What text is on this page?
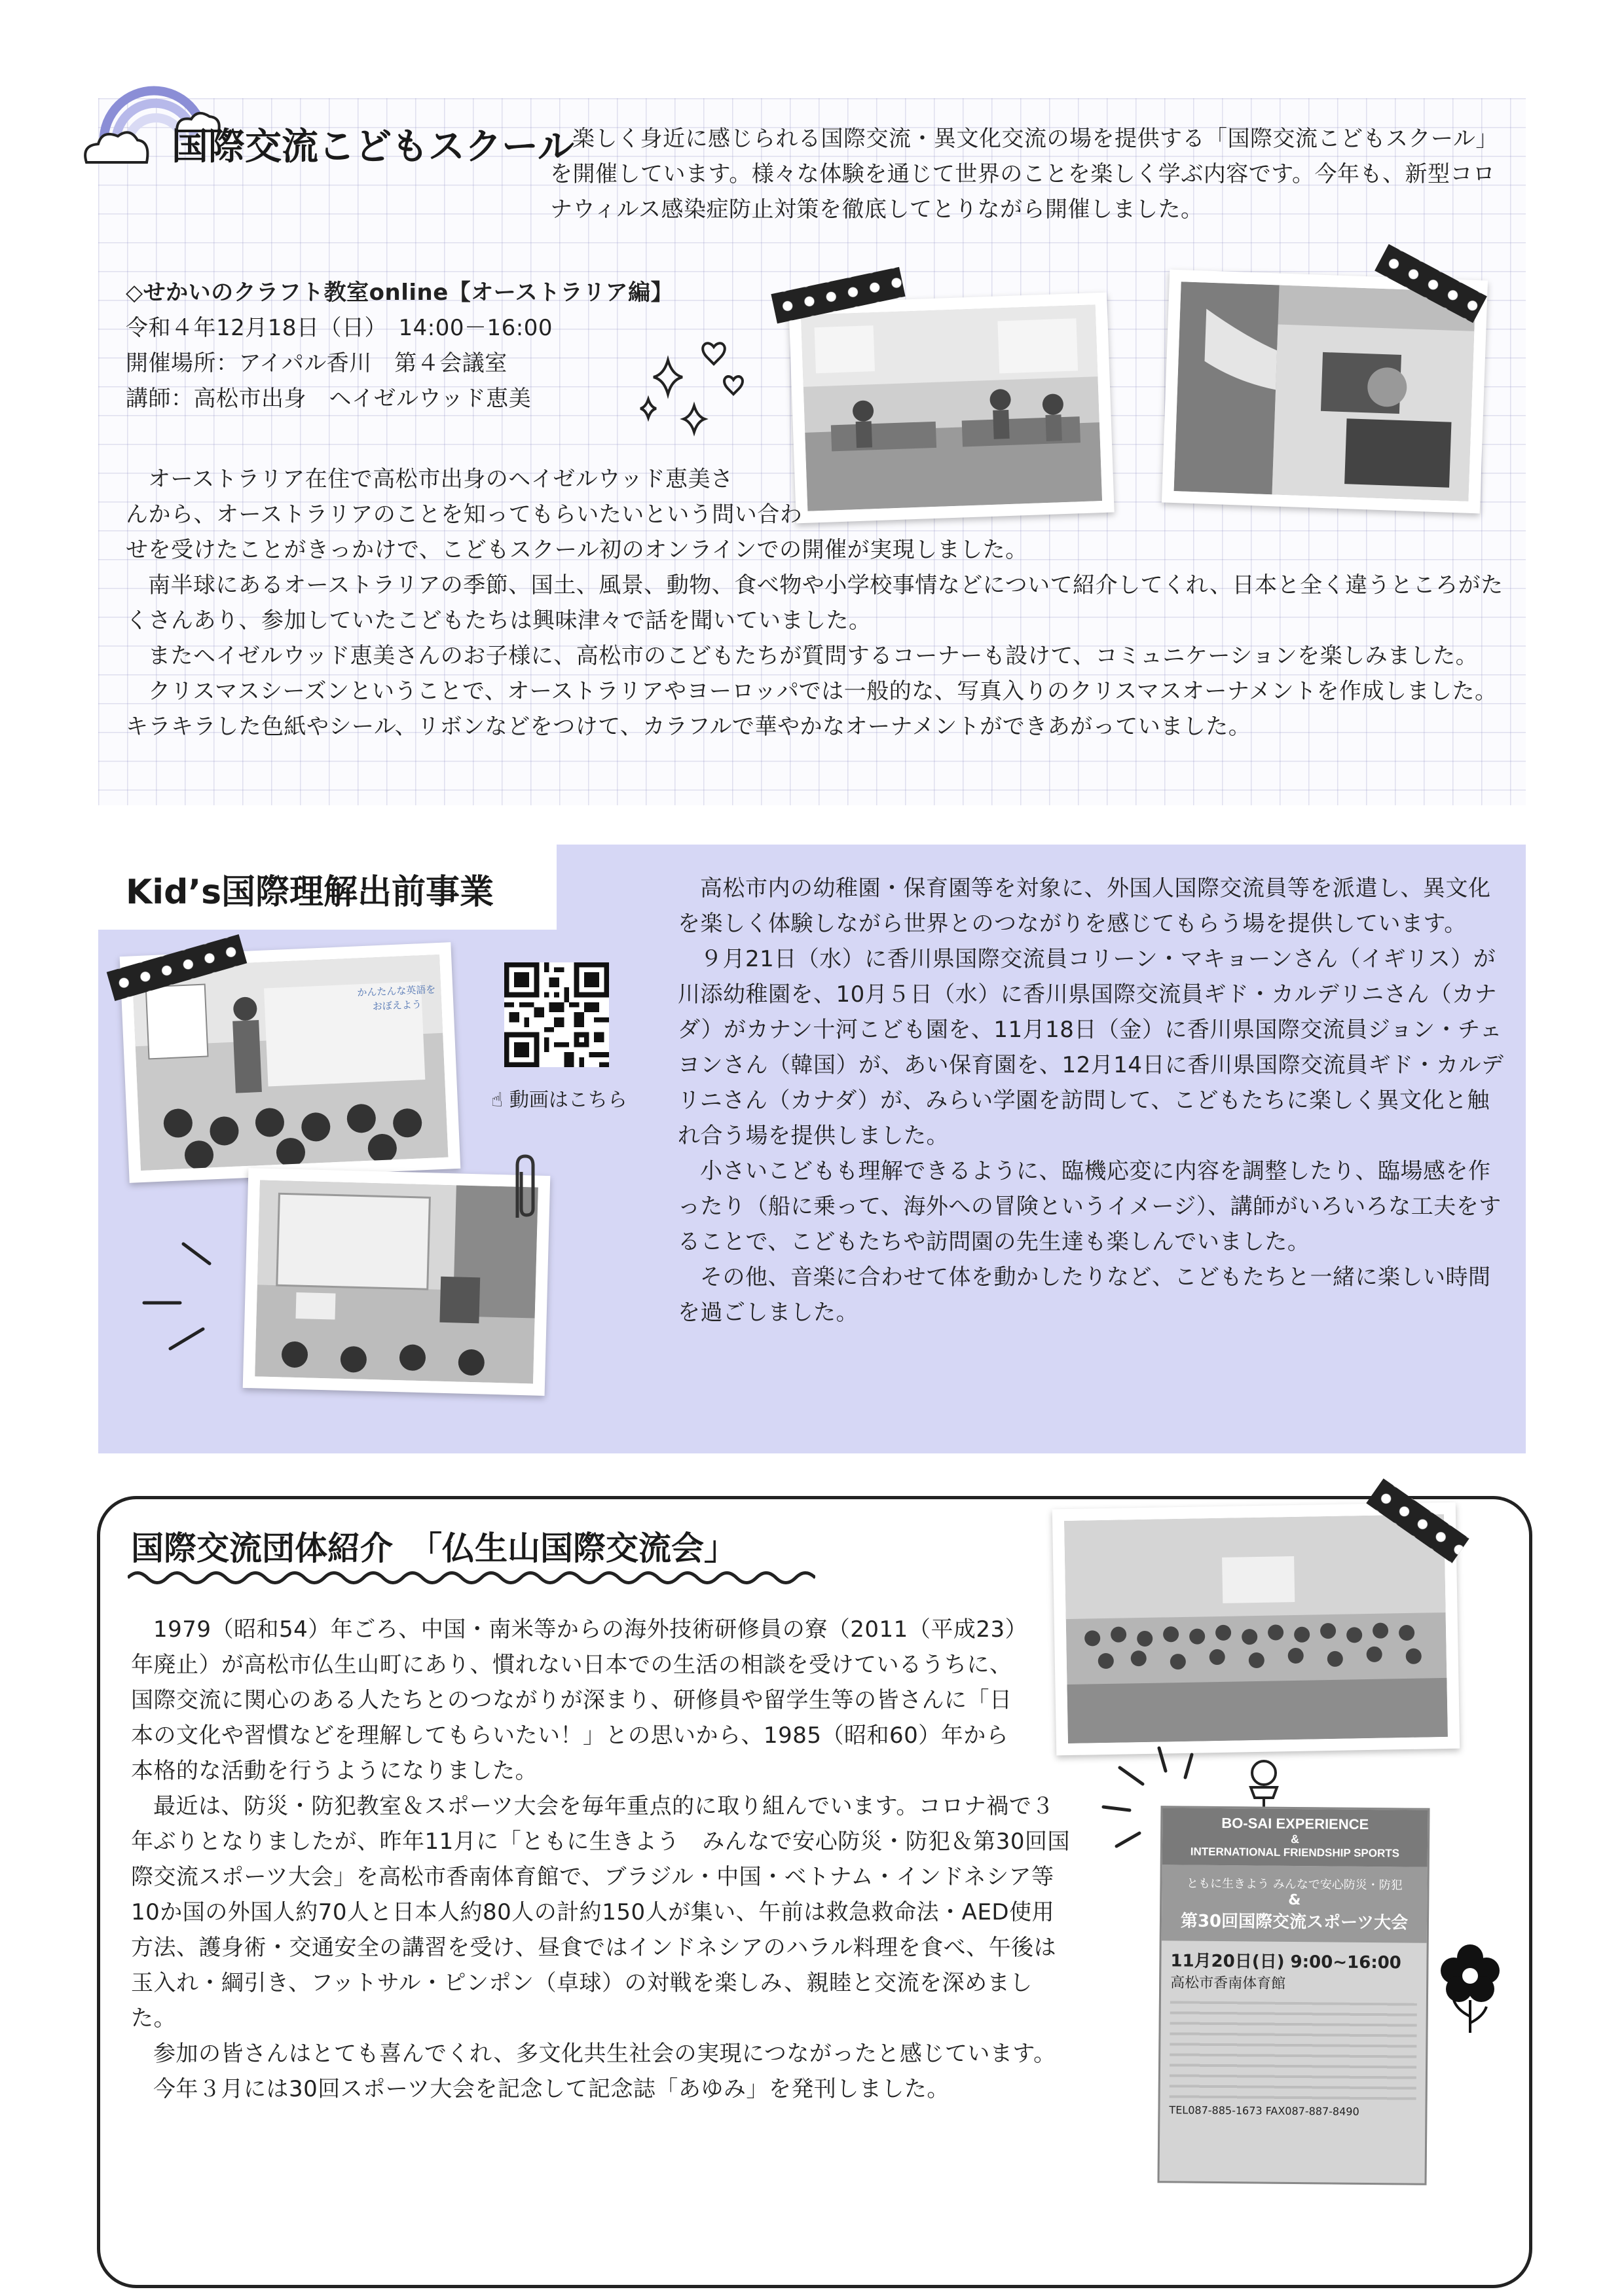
国際交流こどもスクール

楽しく身近に感じられる国際交流・異文化交流の場を提供する「国際交流こどもスクール」を開催しています。様々な体験を通じて世界のことを楽しく学ぶ内容です。今年も、新型コロナウィルス感染症防止対策を徹底してとりながら開催しました。

◇せかいのクラフト教室online【オーストラリア編】

令和４年12月18日（日）　14:00－16:00

開催場所：アイパル香川　第４会議室

講師：高松市出身　ヘイゼルウッド恵美

オーストラリア在住で高松市出身のヘイゼルウッド恵美さ

んから、オーストラリアのことを知ってもらいたいという問い合わ

せを受けたことがきっかけで、こどもスクール初のオンラインでの開催が実現しました。

南半球にあるオーストラリアの季節、国土、風景、動物、食べ物や小学校事情などについて紹介してくれ、日本と全く違うところがたくさんあり、参加していたこどもたちは興味津々で話を聞いていました。

またヘイゼルウッド恵美さんのお子様に、高松市のこどもたちが質問するコーナーも設けて、コミュニケーションを楽しみました。

クリスマスシーズンということで、オーストラリアやヨーロッパでは一般的な、写真入りのクリスマスオーナメントを作成しました。キラキラした色紙やシール、リボンなどをつけて、カラフルで華やかなオーナメントができあがっていました。

Kid’s国際理解出前事業
かんたんな英語を
おぼえよう
☝ 動画はこちら

高松市内の幼稚園・保育園等を対象に、外国人国際交流員等を派遣し、異文化を楽しく体験しながら世界とのつながりを感じてもらう場を提供しています。

９月21日（水）に香川県国際交流員コリーン・マキョーンさん（イギリス）が川添幼稚園を、10月５日（水）に香川県国際交流員ギド・カルデリニさん（カナダ）がカナン十河こども園を、11月18日（金）に香川県国際交流員ジョン・チェヨンさん（韓国）が、あい保育園を、12月14日に香川県国際交流員ギド・カルデリニさん（カナダ）が、みらい学園を訪問して、こどもたちに楽しく異文化と触れ合う場を提供しました。

小さいこどもも理解できるように、臨機応変に内容を調整したり、臨場感を作ったり（船に乗って、海外への冒険というイメージ）、講師がいろいろな工夫をすることで、こどもたちや訪問園の先生達も楽しんでいました。

その他、音楽に合わせて体を動かしたりなど、こどもたちと一緒に楽しい時間を過ごしました。

国際交流団体紹介　「仏生山国際交流会」

1979（昭和54）年ごろ、中国・南米等からの海外技術研修員の寮（2011（平成23）年廃止）が高松市仏生山町にあり、慣れない日本での生活の相談を受けているうちに、国際交流に関心のある人たちとのつながりが深まり、研修員や留学生等の皆さんに「日本の文化や習慣などを理解してもらいたい！」との思いから、1985（昭和60）年から本格的な活動を行うようになりました。

最近は、防災・防犯教室＆スポーツ大会を毎年重点的に取り組んでいます。コロナ禍で３年ぶりとなりましたが、昨年11月に「ともに生きよう　みんなで安心防災・防犯＆第30回国際交流スポーツ大会」を高松市香南体育館で、ブラジル・中国・ベトナム・インドネシア等10か国の外国人約70人と日本人約80人の計約150人が集い、午前は救急救命法・AED使用方法、護身術・交通安全の講習を受け、昼食ではインドネシアのハラル料理を食べ、午後は玉入れ・綱引き、フットサル・ピンポン（卓球）の対戦を楽しみ、親睦と交流を深めました。

参加の皆さんはとても喜んでくれ、多文化共生社会の実現につながったと感じています。

今年３月には30回スポーツ大会を記念して記念誌「あゆみ」を発刊しました。

BO-SAI EXPERIENCE
&
INTERNATIONAL FRIENDSHIP SPORTS
ともに生きよう みんなで安心防災・防犯
&
第30回国際交流スポーツ大会
11月20日(日) 9:00~16:00
高松市香南体育館
TEL087-885-1673 FAX087-887-8490
